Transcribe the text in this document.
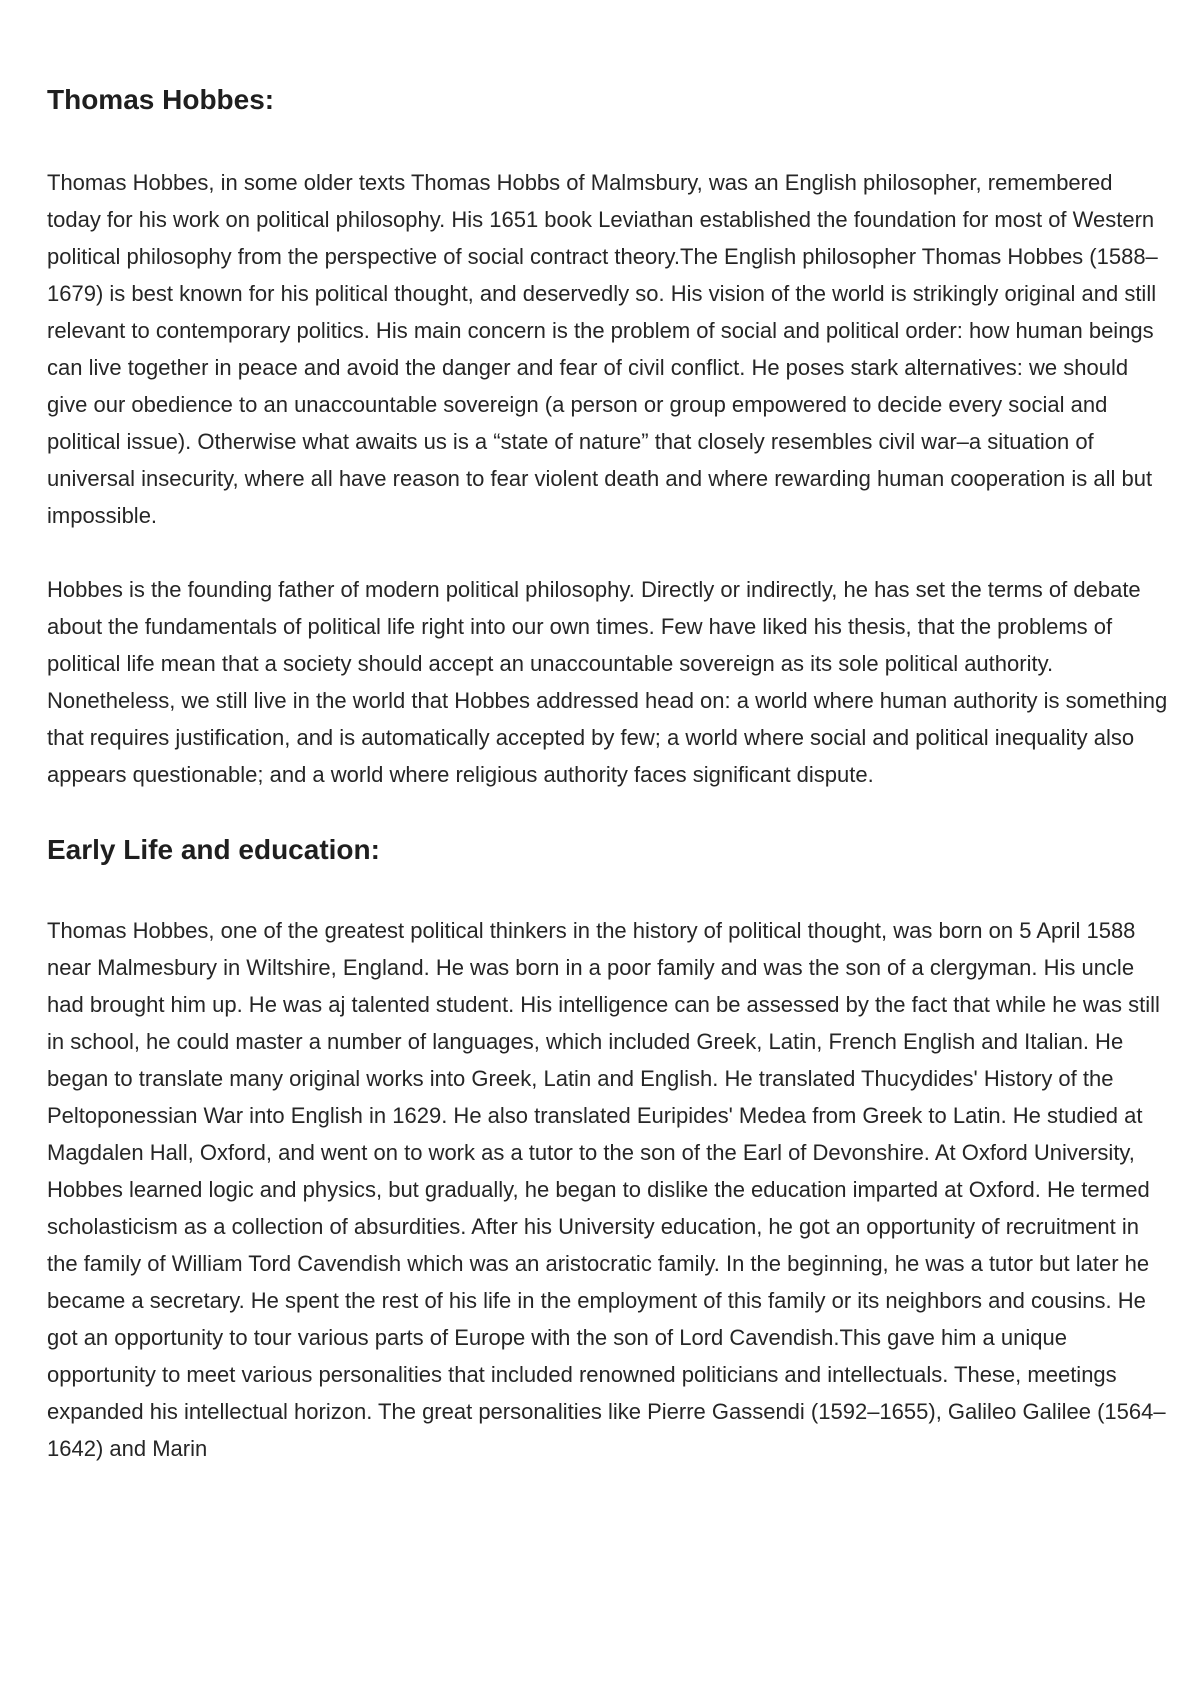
Thomas Hobbes:

Thomas Hobbes, in some older texts Thomas Hobbs of Malmsbury, was an English philosopher, remembered today for his work on political philosophy. His 1651 book Leviathan established the foundation for most of Western political philosophy from the perspective of social contract theory.The English philosopher Thomas Hobbes (1588–1679) is best known for his political thought, and deservedly so. His vision of the world is strikingly original and still relevant to contemporary politics. His main concern is the problem of social and political order: how human beings can live together in peace and avoid the danger and fear of civil conflict. He poses stark alternatives: we should give our obedience to an unaccountable sovereign (a person or group empowered to decide every social and political issue). Otherwise what awaits us is a “state of nature” that closely resembles civil war–a situation of universal insecurity, where all have reason to fear violent death and where rewarding human cooperation is all but impossible.

Hobbes is the founding father of modern political philosophy. Directly or indirectly, he has set the terms of debate about the fundamentals of political life right into our own times. Few have liked his thesis, that the problems of political life mean that a society should accept an unaccountable sovereign as its sole political authority. Nonetheless, we still live in the world that Hobbes addressed head on: a world where human authority is something that requires justification, and is automatically accepted by few; a world where social and political inequality also appears questionable; and a world where religious authority faces significant dispute.

Early Life and education:

Thomas Hobbes, one of the greatest political thinkers in the history of political thought, was born on 5 April 1588 near Malmesbury in Wiltshire, England. He was born in a poor family and was the son of a clergyman. His uncle had brought him up. He was aj talented student. His intelligence can be assessed by the fact that while he was still in school, he could master a number of languages, which included Greek, Latin, French English and Italian. He began to translate many original works into Greek, Latin and English. He translated Thucydides' History of the Peltoponessian War into English in 1629. He also translated Euripides' Medea from Greek to Latin. He studied at Magdalen Hall, Oxford, and went on to work as a tutor to the son of the Earl of Devonshire. At Oxford University, Hobbes learned logic and physics, but gradually, he began to dislike the education imparted at Oxford. He termed scholasticism as a collection of absurdities. After his University education, he got an opportunity of recruitment in the family of William Tord Cavendish which was an aristocratic family. In the beginning, he was a tutor but later he became a secretary. He spent the rest of his life in the employment of this family or its neighbors and cousins. He got an opportunity to tour various parts of Europe with the son of Lord Cavendish.This gave him a unique opportunity to meet various personalities that included renowned politicians and intellectuals. These, meetings expanded his intellectual horizon. The great personalities like Pierre Gassendi (1592–1655), Galileo Galilee (1564–1642) and Marin
